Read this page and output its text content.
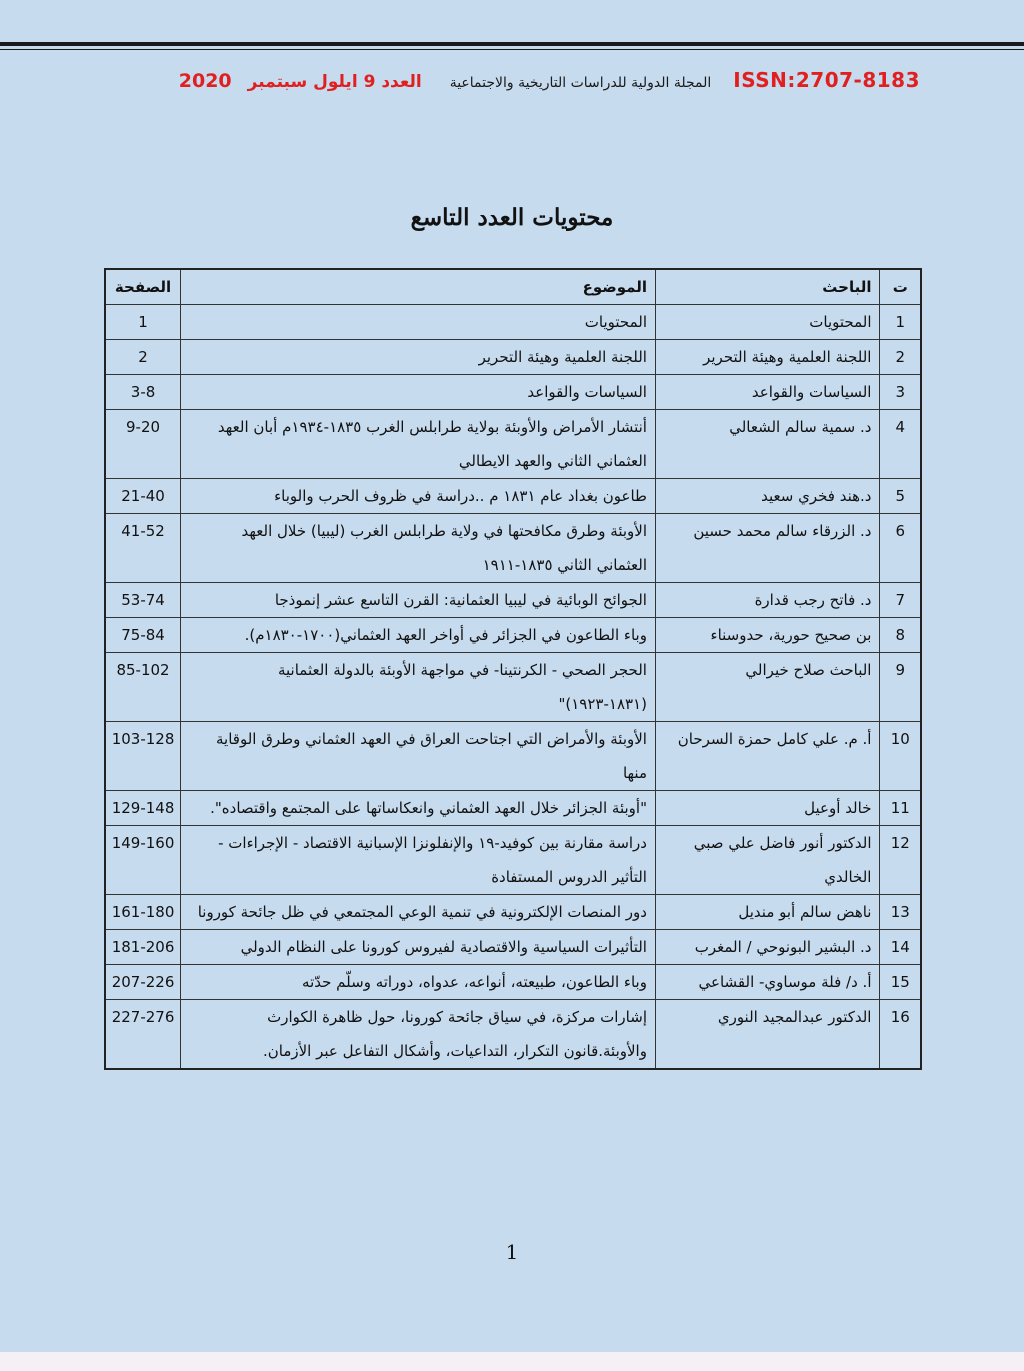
ISSN:2707-8183
المجلة الدولية للدراسات التاريخية والاجتماعية
العدد 9 ايلول سبتمبر
2020
محتويات العدد التاسع
ت	الباحث	الموضوع	الصفحة
1	المحتويات	المحتويات	1
2	اللجنة العلمية وهيئة التحرير	اللجنة العلمية وهيئة التحرير	2
3	السياسات والقواعد	السياسات والقواعد	3-8
4	د. سمية سالم الشعالي	أنتشار الأمراض والأوبئة بولاية طرابلس الغرب ١٨٣٥-١٩٣٤م أبان العهد العثماني الثاني والعهد الايطالي	9-20
5	د.هند فخري سعيد	طاعون بغداد عام ١٨٣١ م ..دراسة في ظروف الحرب والوباء	21-40
6	د. الزرقاء سالم محمد حسين	الأوبئة وطرق مكافحتها في ولاية طرابلس الغرب (ليبيا) خلال العهد العثماني الثاني ١٨٣٥-١٩١١	41-52
7	د. فاتح رجب قدارة	الجوائح الوبائية في ليبيا العثمانية: القرن التاسع عشر إنموذجا	53-74
8	بن صحيح حورية، حدوسناء	وباء الطاعون في الجزائر في أواخر العهد العثماني(١٧٠٠-١٨٣٠م).	75-84
9	الباحث صلاح خيرالي	الحجر الصحي - الكرنتينا- في مواجهة الأوبئة بالدولة العثمانية (١٨٣١-١٩٢٣)"	85-102
10	أ. م. علي كامل حمزة السرحان	الأوبئة والأمراض التي اجتاحت العراق في العهد العثماني وطرق الوقاية منها	103-128
11	خالد أوعيل	"أوبئة الجزائر خلال العهد العثماني وانعكاساتها على المجتمع واقتصاده".	129-148
12	الدكتور أنور فاضل علي صبي الخالدي	دراسة مقارنة بين كوفيد-١٩ والإنفلونزا الإسبانية الاقتصاد - الإجراءات - التأثير الدروس المستفادة	149-160
13	ناهض سالم أبو منديل	دور المنصات الإلكترونية في تنمية الوعي المجتمعي في ظل جائحة كورونا	161-180
14	د. البشير البونوحي / المغرب	التأثيرات السياسية والاقتصادية لفيروس كورونا على النظام الدولي	181-206
15	أ. د/ فلة موساوي- القشاعي	وباء الطاعون، طبيعته، أنواعه، عدواه، دوراته وسلّم حدّته	207-226
16	الدكتور عبدالمجيد النوري	إشارات مركزة، في سياق جائحة كورونا، حول ظاهرة الكوارث والأوبئة.قانون التكرار، التداعيات، وأشكال التفاعل عبر الأزمان.	227-276
1
